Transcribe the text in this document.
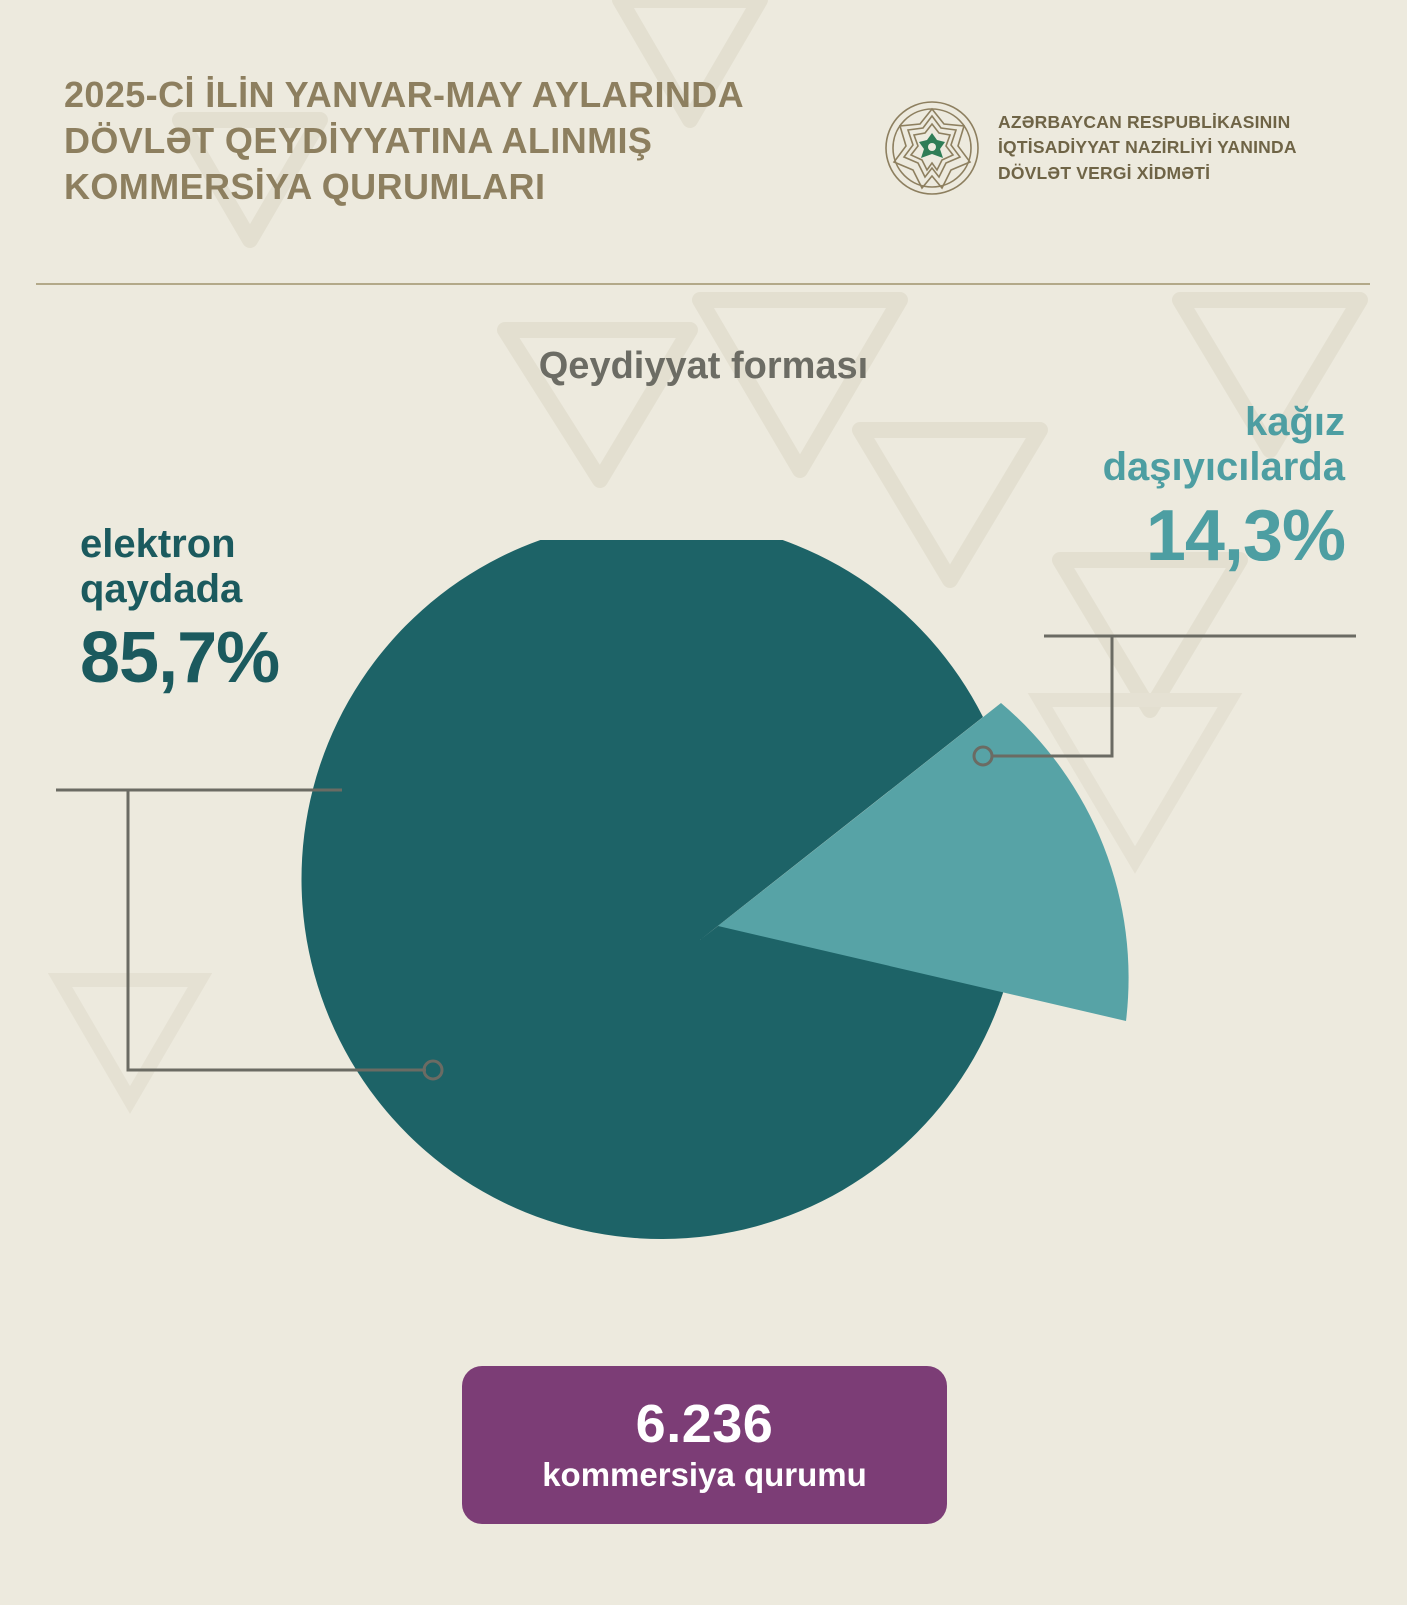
2025-Cİ İLİN YANVAR-MAY AYLARINDA DÖVLƏT QEYDİYYATINA ALINMIŞ KOMMERSİYA QURUMLARI
AZƏRBAYCAN RESPUBLİKASININ
İQTİSADİYYAT NAZİRLİYİ YANINDA
DÖVLƏT VERGİ XİDMƏTİ
Qeydiyyat forması
elektron
qaydada
85,7%
kağız
daşıyıcılarda
14,3%
6.236
kommersiya qurumu
